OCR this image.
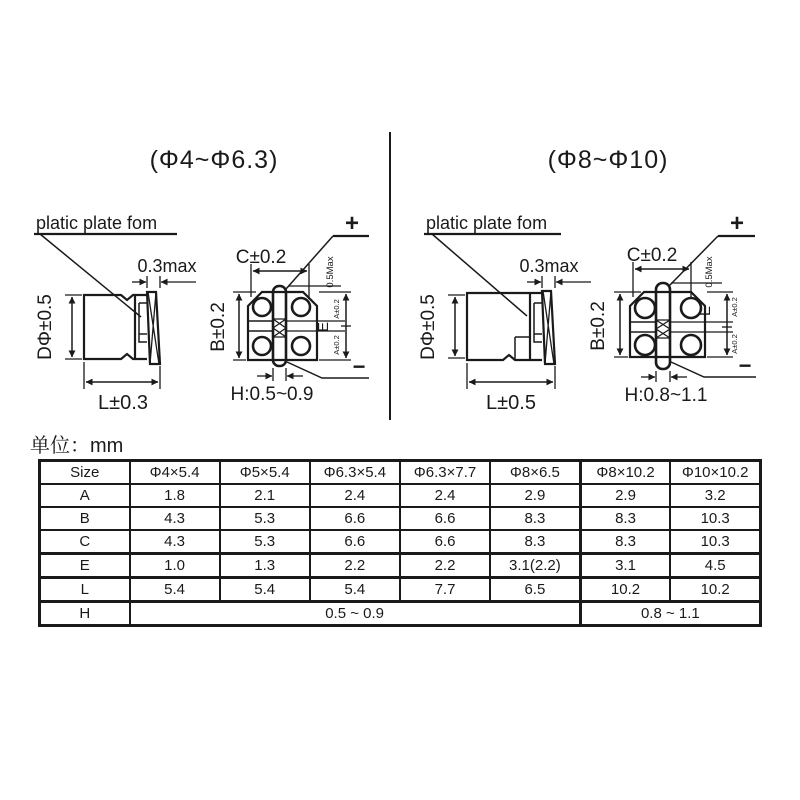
(Φ4~Φ6.3)
platic plate fom
DΦ±0.5
L±0.3
0.3max C±0.2
B±0.2	E
A±0.2
A±0.2
0.5Max
H:0.5~0.9
+
−
(Φ8~Φ10)
platic plate fom
DΦ±0.5
L±0.5
0.3max	C±0.2
B±0.2	E A±0.2
A±0.2
0.5Max
H:0.8~1.1
+
−
单位：mm
Size	Φ4×5.4	Φ5×5.4	Φ6.3×5.4	Φ6.3×7.7	Φ8×6.5	Φ8×10.2	Φ10×10.2
A	1.8	2.1	2.4	2.4	2.9	2.9	3.2
B	4.3	5.3	6.6	6.6	8.3	8.3	10.3
C	4.3	5.3	6.6	6.6	8.3	8.3	10.3
E	1.0	1.3	2.2	2.2	3.1(2.2)	3.1	4.5
L	5.4	5.4	5.4	7.7	6.5	10.2	10.2
H	0.5 ~ 0.9					0.8 ~ 1.1	
